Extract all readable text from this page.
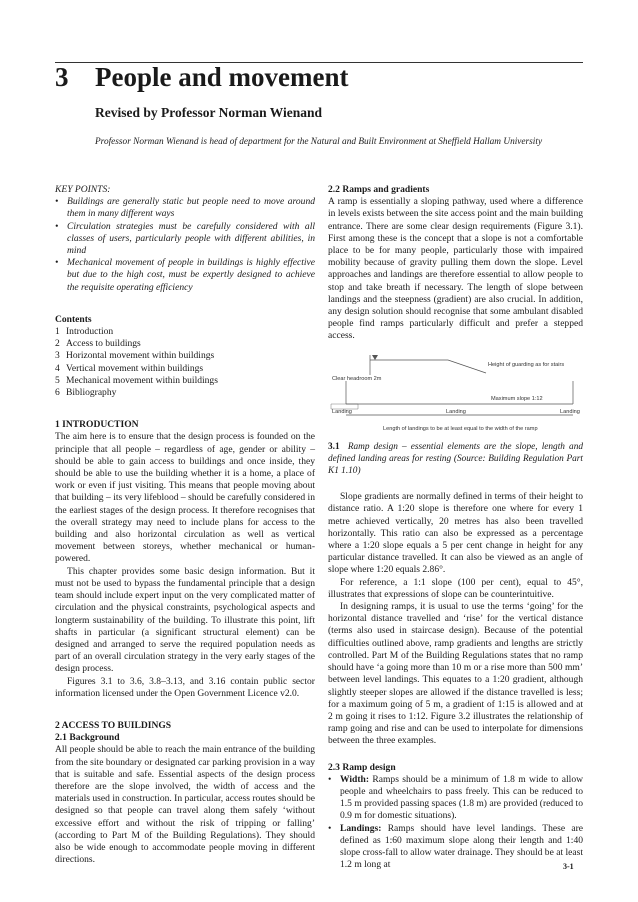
3 People and movement
Revised by Professor Norman Wienand
Professor Norman Wienand is head of department for the Natural and Built Environment at Sheffield Hallam University
KEY POINTS:
• Buildings are generally static but people need to move around them in many different ways
• Circulation strategies must be carefully considered with all classes of users, particularly people with different abilities, in mind
• Mechanical movement of people in buildings is highly effective but due to the high cost, must be expertly designed to achieve the requisite operating efficiency
Contents
1 Introduction
2 Access to buildings
3 Horizontal movement within buildings
4 Vertical movement within buildings
5 Mechanical movement within buildings
6 Bibliography
1 INTRODUCTION

The aim here is to ensure that the design process is founded on the principle that all people – regardless of age, gender or ability – should be able to gain access to buildings and once inside, they should be able to use the building whether it is a home, a place of work or even if just visiting. This means that people moving about that building – its very lifeblood – should be carefully considered in the earliest stages of the design process. It therefore recognises that the overall strategy may need to include plans for access to the building and also horizontal circulation as well as vertical movement between storeys, whether mechanical or human-powered.

This chapter provides some basic design information. But it must not be used to bypass the fundamental principle that a design team should include expert input on the very complicated matter of circulation and the physical constraints, psychological aspects and longterm sustainability of the building. To illustrate this point, lift shafts in particular (a significant structural element) can be designed and arranged to serve the required population needs as part of an overall circulation strategy in the very early stages of the design process.

Figures 3.1 to 3.6, 3.8–3.13, and 3.16 contain public sector information licensed under the Open Government Licence v2.0.

2 ACCESS TO BUILDINGS
2.1 Background

All people should be able to reach the main entrance of the building from the site boundary or designated car parking provision in a way that is suitable and safe. Essential aspects of the design process therefore are the slope involved, the width of access and the materials used in construction. In particular, access routes should be designed so that people can travel along them safely ‘without excessive effort and without the risk of tripping or falling’ (according to Part M of the Building Regulations). They should also be wide enough to accommodate people moving in different directions.

2.2 Ramps and gradients

A ramp is essentially a sloping pathway, used where a difference in levels exists between the site access point and the main building entrance. There are some clear design requirements (Figure 3.1). First among these is the concept that a slope is not a comfortable place to be for many people, particularly those with impaired mobility because of gravity pulling them down the slope. Level approaches and landings are therefore essential to allow people to stop and take breath if necessary. The length of slope between landings and the steepness (gradient) are also crucial. In addition, any design solution should recognise that some ambulant disabled people find ramps particularly difficult and prefer a stepped access.

Height of guarding as for stairs
Clear headroom 2m
Maximum slope 1:12
Landing	Landing	Landing
Length of landings to be at least equal to the width of the ramp

3.1 Ramp design – essential elements are the slope, length and defined landing areas for resting (Source: Building Regulation Part K1 1.10)

Slope gradients are normally defined in terms of their height to distance ratio. A 1:20 slope is therefore one where for every 1 metre achieved vertically, 20 metres has also been travelled horizontally. This ratio can also be expressed as a percentage where a 1:20 slope equals a 5 per cent change in height for any particular distance travelled. It can also be viewed as an angle of slope where 1:20 equals 2.86°.

For reference, a 1:1 slope (100 per cent), equal to 45°, illustrates that expressions of slope can be counterintuitive.

In designing ramps, it is usual to use the terms ‘going’ for the horizontal distance travelled and ‘rise’ for the vertical distance (terms also used in staircase design). Because of the potential difficulties outlined above, ramp gradients and lengths are strictly controlled. Part M of the Building Regulations states that no ramp should have ‘a going more than 10 m or a rise more than 500 mm’ between level landings. This equates to a 1:20 gradient, although slightly steeper slopes are allowed if the distance travelled is less; for a maximum going of 5 m, a gradient of 1:15 is allowed and at 2 m going it rises to 1:12. Figure 3.2 illustrates the relationship of ramp going and rise and can be used to interpolate for dimensions between the three examples.

2.3 Ramp design
• Width: Ramps should be a minimum of 1.8 m wide to allow people and wheelchairs to pass freely. This can be reduced to 1.5 m provided passing spaces (1.8 m) are provided (reduced to 0.9 m for domestic situations).
• Landings: Ramps should have level landings. These are defined as 1:60 maximum slope along their length and 1:40 slope cross-fall to allow water drainage. They should be at least 1.2 m long at	3-1
